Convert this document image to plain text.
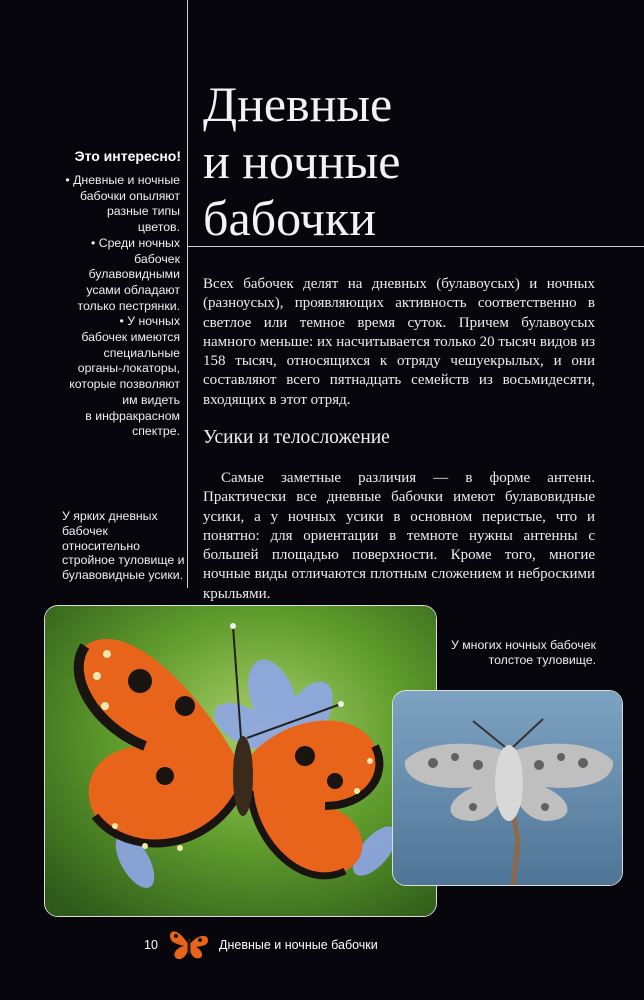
Дневные
и ночные
бабочки
Это интересно!
• Дневные и ночные
бабочки опыляют
разные типы
цветов.
• Среди ночных
бабочек
булавовидными
усами обладают
только пестрянки.
• У ночных
бабочек имеются
специальные
органы-локаторы,
которые позволяют
им видеть
в инфракрасном
спектре.

Всех бабочек делят на дневных (булавоусых) и ночных (разноусых), проявляющих активность соответственно в светлое или темное время суток. Причем булавоусых намного меньше: их насчитывается только 20 тысяч видов из 158 тысяч, относящихся к отряду чешуекрылых, и они составляют всего пятнадцать семейств из восьмидесяти, входящих в этот отряд.

Усики и телосложение

Самые заметные различия — в форме антенн. Практически все дневные бабочки имеют булавовидные усики, а у ночных усики в основном перистые, что и понятно: для ориентации в темноте нужны антенны с большей площадью поверхности. Кроме того, многие ночные виды отличаются плотным сложением и неброскими крыльями.

У ярких дневных бабочек относительно стройное туловище и булавовидные усики.

У многих ночных бабочек толстое туловище.

10	Дневные и ночные бабочки
